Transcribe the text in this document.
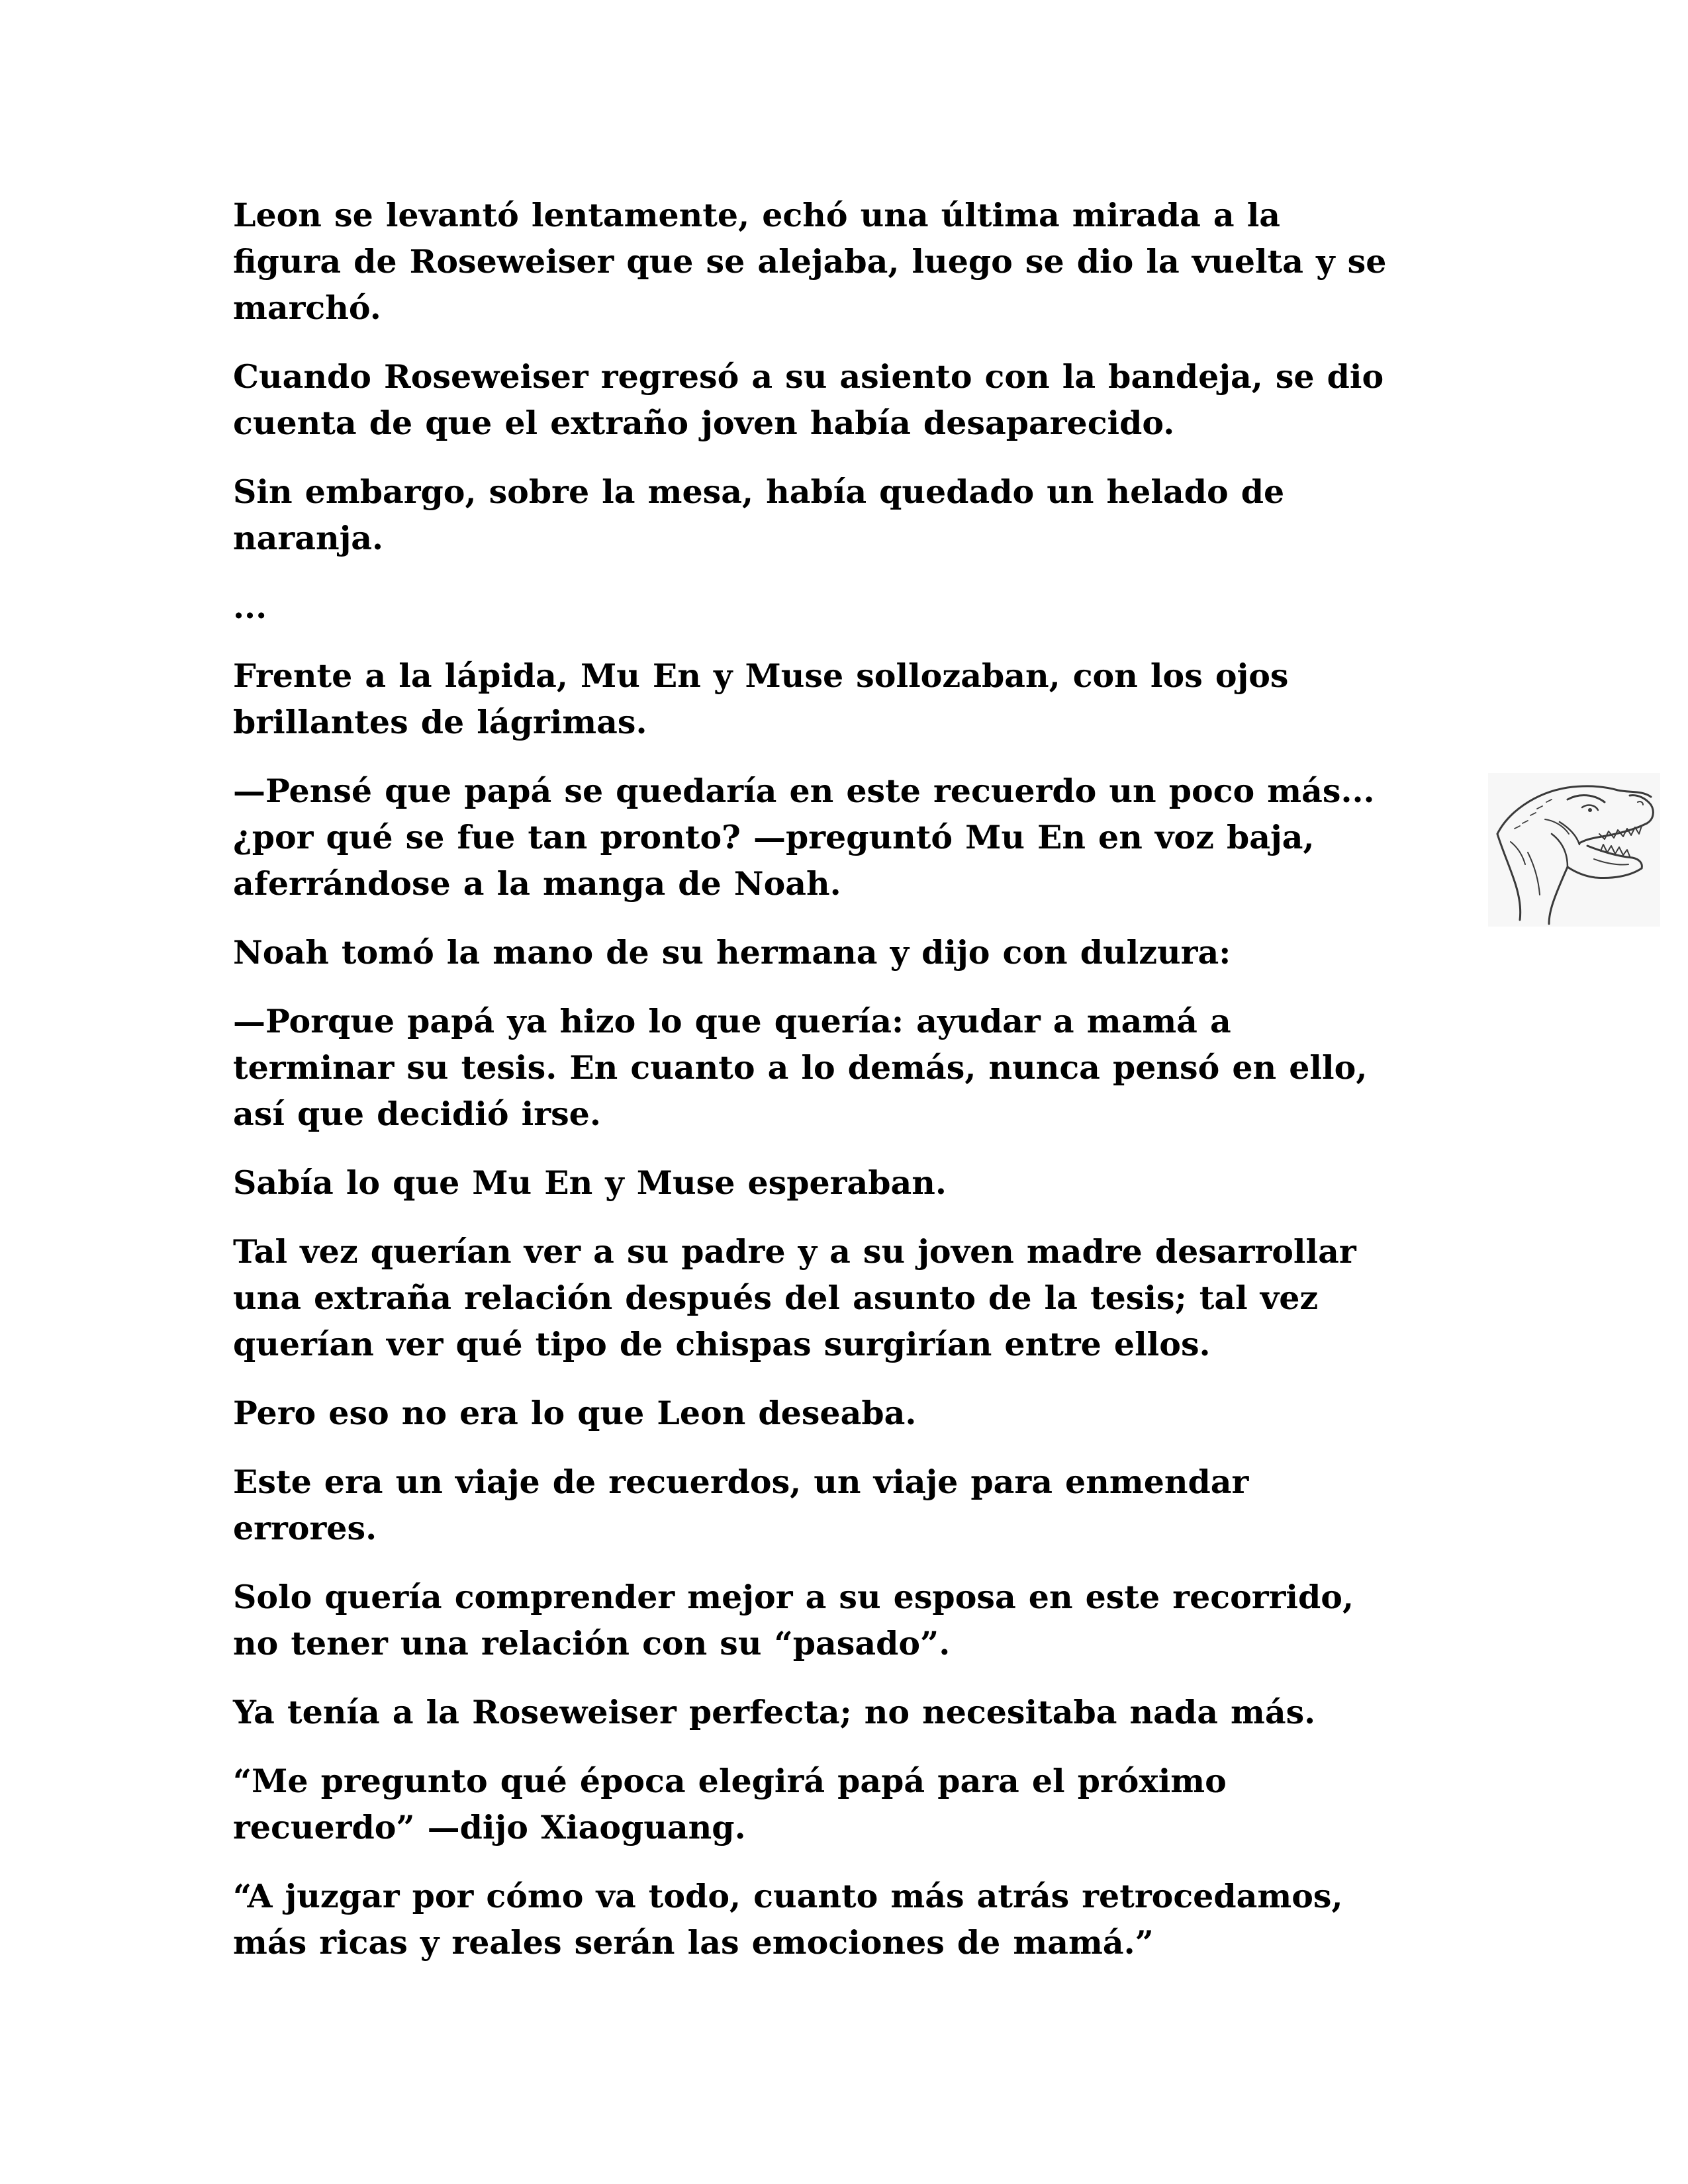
Leon se levantó lentamente, echó una última mirada a la
figura de Roseweiser que se alejaba, luego se dio la vuelta y se
marchó.

Cuando Roseweiser regresó a su asiento con la bandeja, se dio
cuenta de que el extraño joven había desaparecido.

Sin embargo, sobre la mesa, había quedado un helado de
naranja.

...

Frente a la lápida, Mu En y Muse sollozaban, con los ojos
brillantes de lágrimas.

—Pensé que papá se quedaría en este recuerdo un poco más...
¿por qué se fue tan pronto? —preguntó Mu En en voz baja,
aferrándose a la manga de Noah.

Noah tomó la mano de su hermana y dijo con dulzura:

—Porque papá ya hizo lo que quería: ayudar a mamá a
terminar su tesis. En cuanto a lo demás, nunca pensó en ello,
así que decidió irse.

Sabía lo que Mu En y Muse esperaban.

Tal vez querían ver a su padre y a su joven madre desarrollar
una extraña relación después del asunto de la tesis; tal vez
querían ver qué tipo de chispas surgirían entre ellos.

Pero eso no era lo que Leon deseaba.

Este era un viaje de recuerdos, un viaje para enmendar
errores.

Solo quería comprender mejor a su esposa en este recorrido,
no tener una relación con su “pasado”.

Ya tenía a la Roseweiser perfecta; no necesitaba nada más.

“Me pregunto qué época elegirá papá para el próximo
recuerdo” —dijo Xiaoguang.

“A juzgar por cómo va todo, cuanto más atrás retrocedamos,
más ricas y reales serán las emociones de mamá.”
